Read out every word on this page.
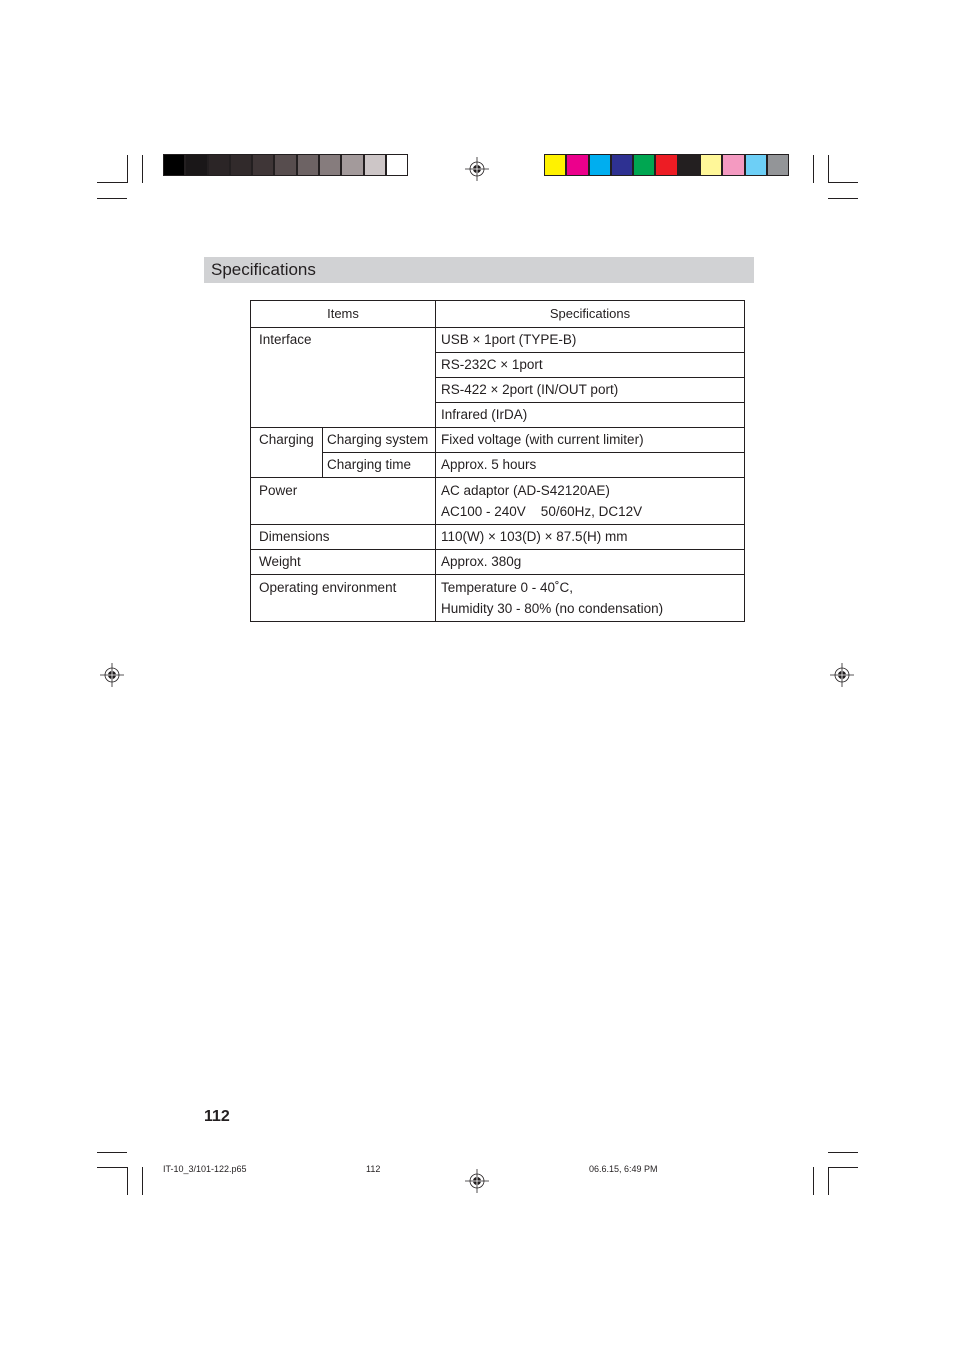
Specifications
Items		Specifications
Interface		USB × 1port (TYPE-B)
		RS-232C × 1port
		RS-422 × 2port (IN/OUT port)
		Infrared (IrDA)
Charging	Charging system	Fixed voltage (with current limiter)
	Charging time	Approx. 5 hours
Power		AC adaptor (AD-S42120AE)
AC100 - 240V    50/60Hz, DC12V

Dimensions		110(W) × 103(D) × 87.5(H) mm
Weight		Approx. 380g
Operating environment		Temperature 0 - 40˚C,
Humidity 30 - 80% (no condensation)
112
IT-10_3/101-122.p65	112	06.6.15, 6:49 PM
